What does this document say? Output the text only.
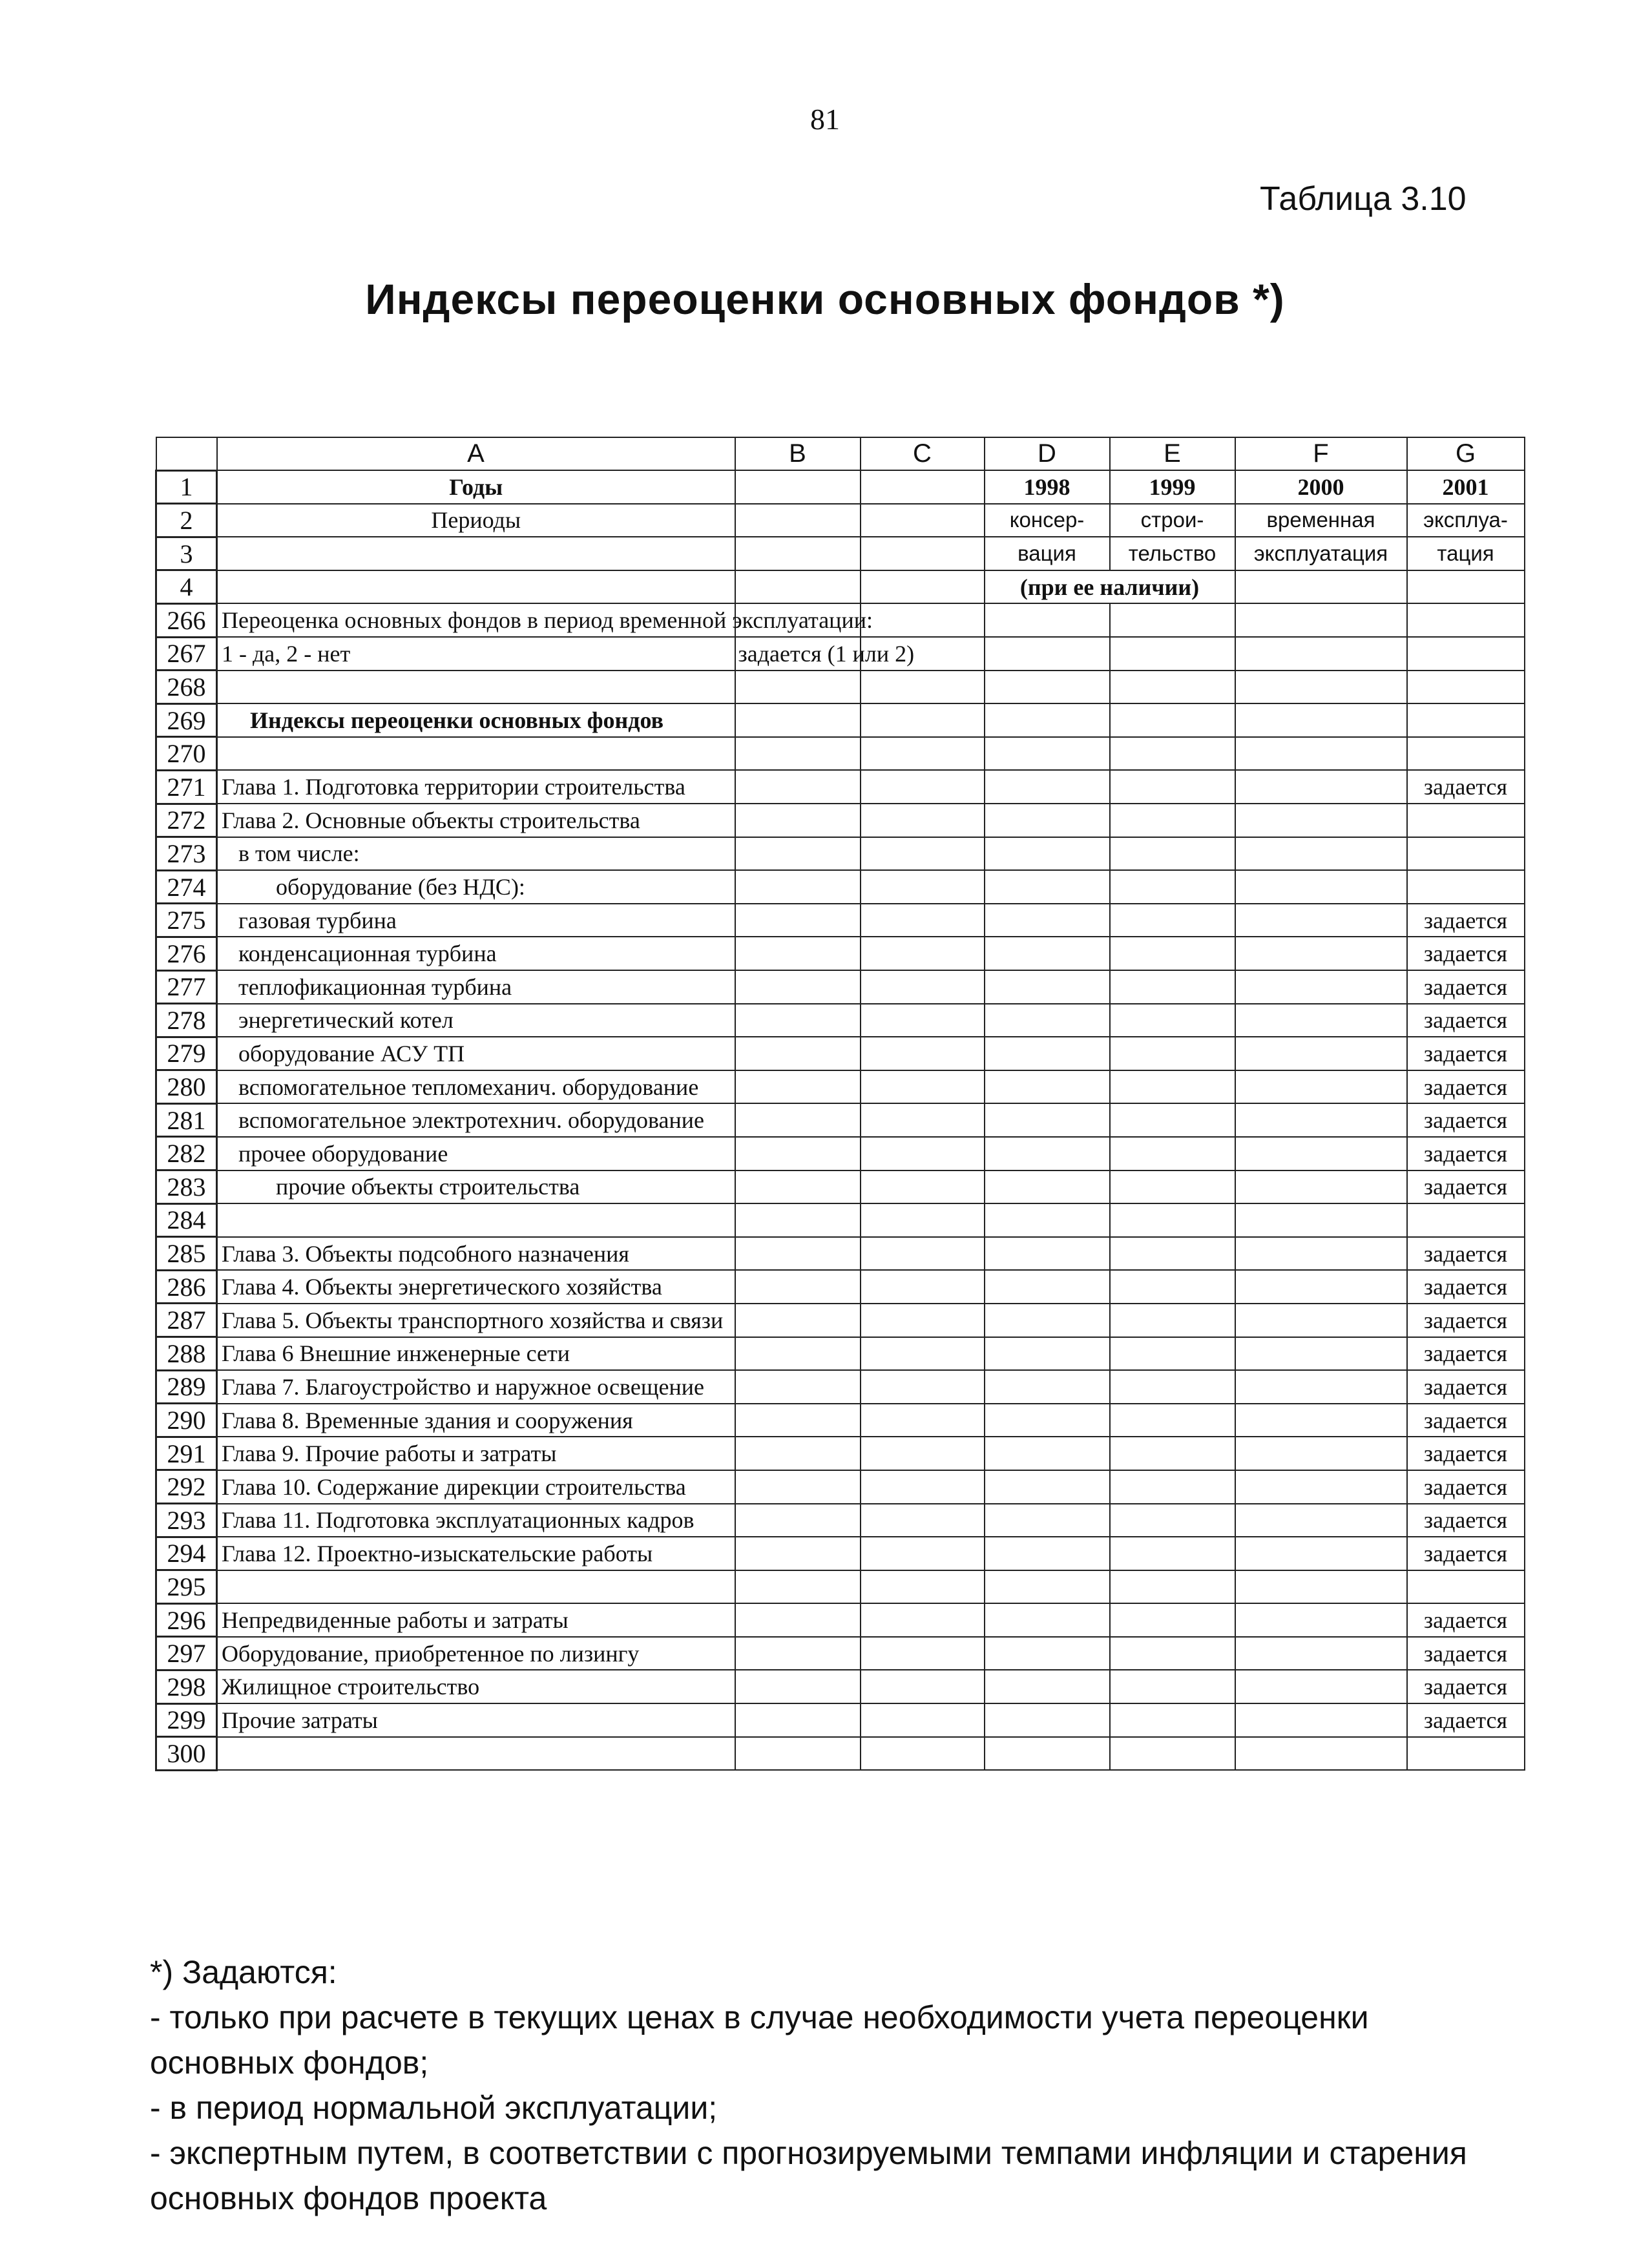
81
Таблица 3.10
Индексы переоценки основных фондов *)
	A	B	C	D	E	F	G
1	Годы			1998	1999	2000	2001
2	Периоды			консер-	строи-	временная	эксплуа-
3				вация	тельство	эксплуатация	тация
4				(при ее наличии)			
266	Переоценка основных фондов в период временной эксплуатации:						
267	1 - да, 2 - нет	задается (1 или 2)					
268							
269	Индексы переоценки основных фондов						
270							
271	Глава 1. Подготовка территории строительства						задается
272	Глава 2. Основные объекты строительства						
273	в том числе:						
274	оборудование (без НДС):						
275	газовая турбина						задается
276	конденсационная турбина						задается
277	теплофикационная турбина						задается
278	энергетический котел						задается
279	оборудование АСУ ТП						задается
280	вспомогательное тепломеханич. оборудование						задается
281	вспомогательное электротехнич. оборудование						задается
282	прочее оборудование						задается
283	прочие объекты строительства						задается
284							
285	Глава 3. Объекты подсобного назначения						задается
286	Глава 4. Объекты энергетического хозяйства						задается
287	Глава 5. Объекты транспортного хозяйства и связи						задается
288	Глава 6 Внешние инженерные сети						задается
289	Глава 7. Благоустройство и наружное освещение						задается
290	Глава 8. Временные здания и сооружения						задается
291	Глава 9. Прочие работы и затраты						задается
292	Глава 10. Содержание дирекции строительства						задается
293	Глава 11. Подготовка эксплуатационных кадров						задается
294	Глава 12. Проектно-изыскательские работы						задается
295							
296	Непредвиденные работы и затраты						задается
297	Оборудование, приобретенное по лизингу						задается
298	Жилищное строительство						задается
299	Прочие затраты						задается
300							
*) Задаются:
- только при расчете в текущих ценах в случае необходимости учета переоценки
основных фондов;
- в период нормальной эксплуатации;
- экспертным путем, в соответствии с прогнозируемыми темпами инфляции и старения
основных фондов проекта
